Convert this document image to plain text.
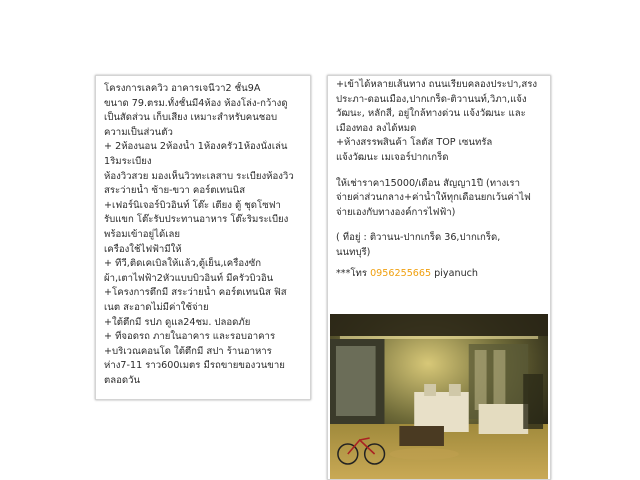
โครงการเลควิว อาคารเจนีวา2 ชั้น9A
ขนาด 79.ตรม.ทั้งชั้นมี4ห้อง ห้องโล่ง-กว้างดู
เป็นสัดส่วน เก็บเสียง เหมาะสำหรับคนชอบ
ความเป็นส่วนตัว
+ 2ห้องนอน 2ห้องน้ำ 1ห้องครัว1ห้องนั่งเล่น
1ริมระเบียง
ห้องวิวสวย มองเห็นวิวทะเลสาบ ระเบียงห้องวิว
สระว่ายน้ำ ซ้าย-ขวา คอร์ตเทนนิส
+เฟอร์นิเจอร์บิวอินท์ โต๊ะ เตียง ตู้ ชุดโซฟา
รับแขก โต๊ะรับประทานอาหาร โต๊ะริมระเบียง
พร้อมเข้าอยู่ได้เลย
เครื่องใช้ไฟฟ้ามีให้
+ ทีวี,ติดเคเบิลให้แล้ว,ตู้เย็น,เครื่องซัก
ผ้า,เตาไฟฟ้า2หัวแบบบิวอินท์ มีครัวบิวอิน
+โครงการตึกมี สระว่ายน้ำ คอร์ตเทนนิส ฟิส
เนต สะอาดไม่มีค่าใช้จ่าย
+ใต้ตึกมี รปภ ดูแล24ชม. ปลอดภัย
+ ที่จอดรถ ภายในอาคาร และรอบอาคาร
+บริเวณคอนโด ใต้ตึกมี สปา ร้านอาหาร
ห่าง7-11 ราว600เมตร มีรถขายของวนขาย
ตลอดวัน
+เข้าได้หลายเส้นทาง ถนนเรียบคลองประปา,สรง
ประภา-ดอนเมือง,ปากเกร็ด-ติวานนท์,วิภา,แจ้ง
วัฒนะ, หลักสี่, อยู่ใกล้ทางด่วน แจ้งวัฒนะ และ
เมืองทอง ลงได้หมด
+ห้างสรรพสินค้า โลตัส TOP เซนทรัล
แจ้งวัฒนะ เมเจอร์ปากเกร็ด
ให้เช่าราคา15000/เดือน สัญญา1ปี (ทางเรา
จ่ายค่าส่วนกลาง+ค่าน้ำให้ทุกเดือนยกเว้นค่าไฟ
จ่ายเองกับทางองค์การไฟฟ้า)
( ที่อยู่ : ติวานน-ปากเกร็ด 36,ปากเกร็ด,
นนทบุรี)
***โทร 0956255665 piyanuch
